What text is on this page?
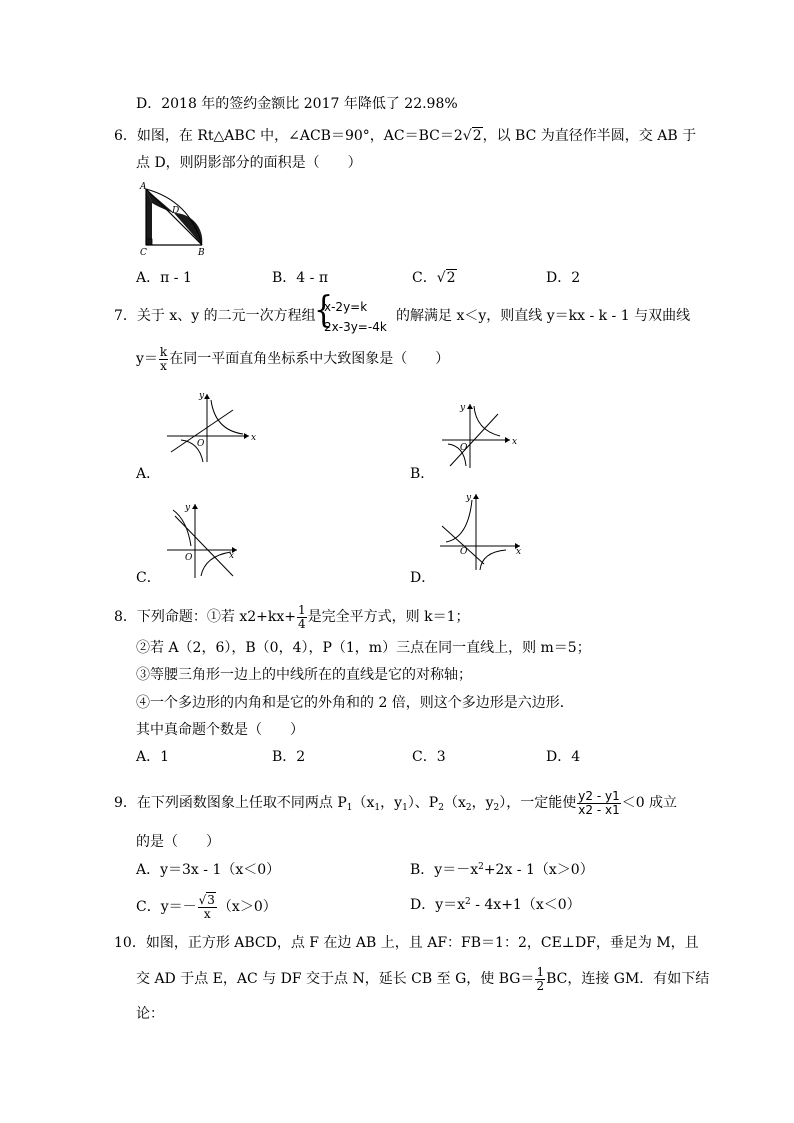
D．2018 年的签约金额比 2017 年降低了 22.98%
6．如图，在 Rt△ABC 中，∠ACB＝90°，AC＝BC＝2√2，以 BC 为直径作半圆，交 AB 于
点 D，则阴影部分的面积是（　　）
A
D
C	B
A．π - 1	B．4 - π	C．√2	D．2
7．关于 x、y 的二元一次方程组
{
x-2y=k
2x-3y=-4k
的解满足 x＜y，则直线 y＝kx - k - 1 与双曲线
$y= \frac{k}{x}$ 在同一平面直角坐标系中大致图象是（　　）
x
y
O
A．
x
y
O
B．
x
y
O
C．
x
y
O
D．
8．下列命题：①若 $x2+kx+ \frac{1}{4}$ 是完全平方式，则 k＝1；
②若 A（2，6），B（0，4），P（1，m）三点在同一直线上，则 m＝5；
③等腰三角形一边上的中线所在的直线是它的对称轴；
④一个多边形的内角和是它的外角和的 2 倍，则这个多边形是六边形．
其中真命题个数是（　　）
A．1	B．2	C．3	D．4
9．在下列函数图象上任取不同两点 $P_1(x_1$，$y_1$）、$P_2(x_2$，$y_2$），一定能使 $\frac{y2 - y1}{x2 - x1} <0$ 成立
的是（　　）
A．y＝3x - 1（x＜0）	B．$y=-x^2+2x - 1(x>0)$
C．$y=- \frac{√3}{x} (x>0)$	D．$y=x^2 - 4x+1(x<0)$
10．如图，正方形 ABCD，点 F 在边 AB 上，且 AF：FB＝1：2，CE⊥DF，垂足为 M，且
交 AD 于点 E，AC 与 DF 交于点 N，延长 CB 至 G，使 $BG= \frac{1}{2}$ BC，连接 GM．有如下结
论：
